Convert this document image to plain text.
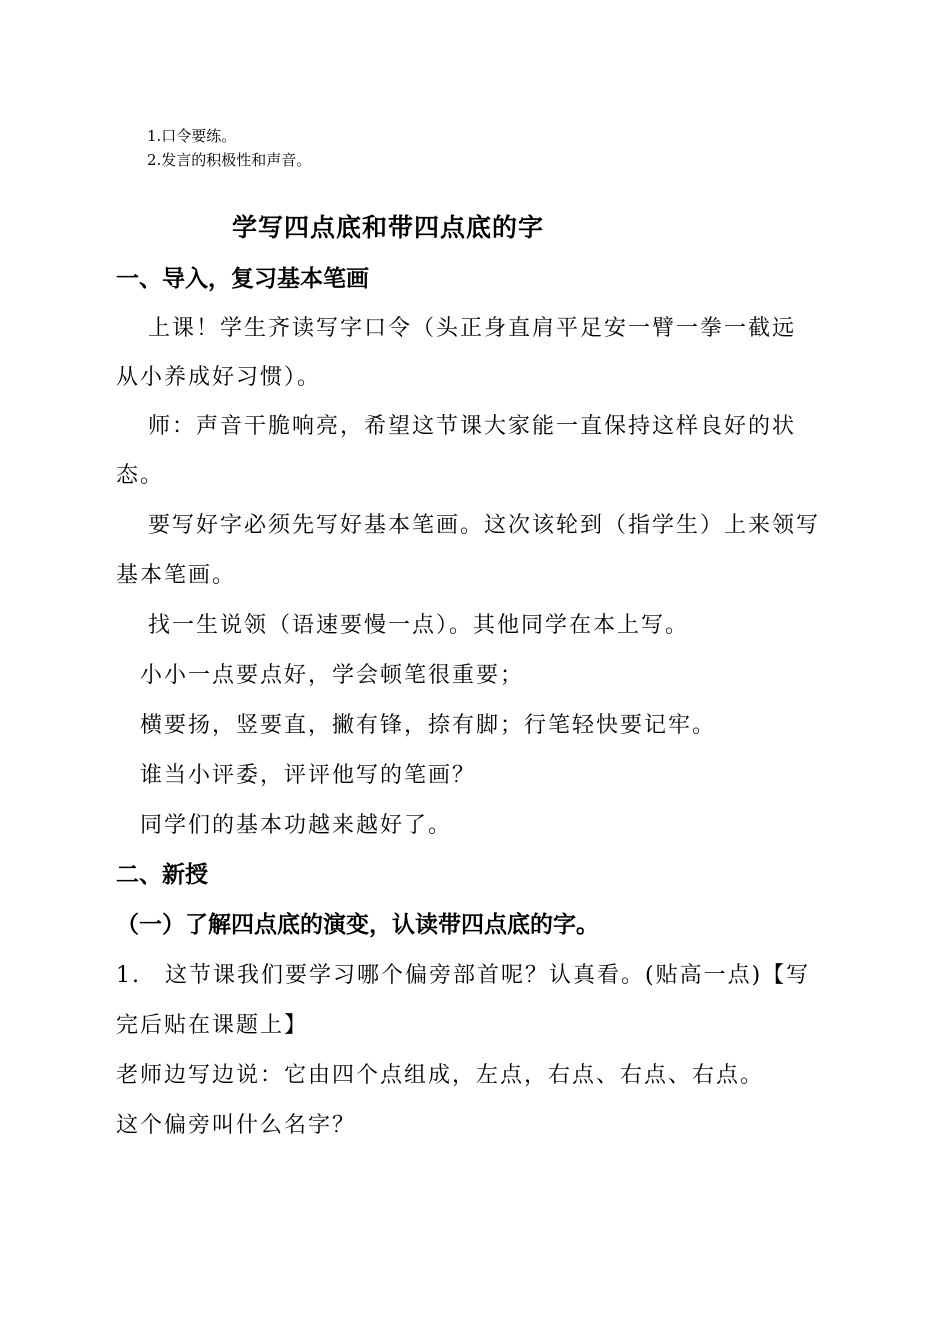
1.口令要练。
2.发言的积极性和声音。
学写四点底和带四点底的字
一、导入，复习基本笔画
上课！学生齐读写字口令（头正身直肩平足安一臂一拳一截远
从小养成好习惯）。
师：声音干脆响亮，希望这节课大家能一直保持这样良好的状
态。
要写好字必须先写好基本笔画。这次该轮到（指学生）上来领写
基本笔画。
找一生说领（语速要慢一点）。其他同学在本上写。
小小一点要点好，学会顿笔很重要；
横要扬，竖要直，撇有锋，捺有脚；行笔轻快要记牢。
谁当小评委，评评他写的笔画？
同学们的基本功越来越好了。
二、新授
（一）了解四点底的演变，认读带四点底的字。
1.　这节课我们要学习哪个偏旁部首呢？认真看。(贴高一点)【写
完后贴在课题上】
老师边写边说：它由四个点组成，左点，右点、右点、右点。
这个偏旁叫什么名字？
